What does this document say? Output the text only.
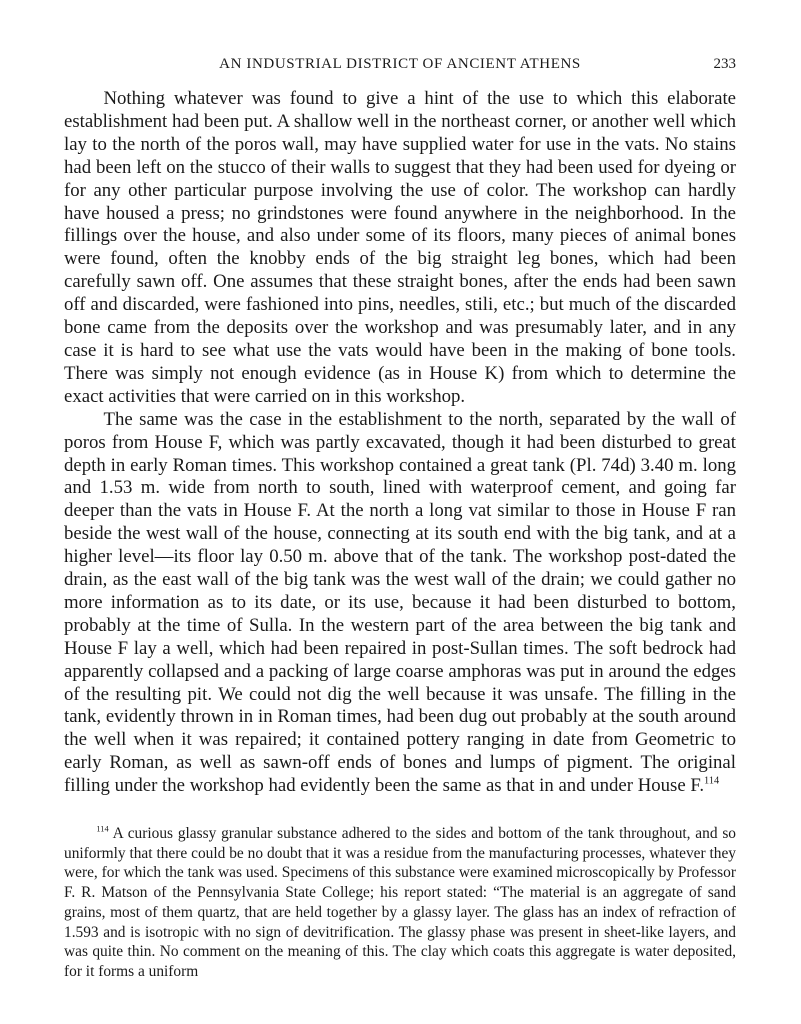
AN INDUSTRIAL DISTRICT OF ANCIENT ATHENS	233

Nothing whatever was found to give a hint of the use to which this elaborate establishment had been put. A shallow well in the northeast corner, or another well which lay to the north of the poros wall, may have supplied water for use in the vats. No stains had been left on the stucco of their walls to suggest that they had been used for dyeing or for any other particular purpose involving the use of color. The workshop can hardly have housed a press; no grindstones were found anywhere in the neighborhood. In the fillings over the house, and also under some of its floors, many pieces of animal bones were found, often the knobby ends of the big straight leg bones, which had been carefully sawn off. One assumes that these straight bones, after the ends had been sawn off and discarded, were fashioned into pins, needles, stili, etc.; but much of the discarded bone came from the deposits over the workshop and was presumably later, and in any case it is hard to see what use the vats would have been in the making of bone tools. There was simply not enough evidence (as in House K) from which to determine the exact activities that were carried on in this workshop.

The same was the case in the establishment to the north, separated by the wall of poros from House F, which was partly excavated, though it had been disturbed to great depth in early Roman times. This workshop contained a great tank (Pl. 74d) 3.40 m. long and 1.53 m. wide from north to south, lined with waterproof cement, and going far deeper than the vats in House F. At the north a long vat similar to those in House F ran beside the west wall of the house, connecting at its south end with the big tank, and at a higher level—its floor lay 0.50 m. above that of the tank. The workshop post-dated the drain, as the east wall of the big tank was the west wall of the drain; we could gather no more information as to its date, or its use, because it had been disturbed to bottom, probably at the time of Sulla. In the western part of the area between the big tank and House F lay a well, which had been repaired in post-Sullan times. The soft bedrock had apparently collapsed and a packing of large coarse amphoras was put in around the edges of the resulting pit. We could not dig the well because it was unsafe. The filling in the tank, evidently thrown in in Roman times, had been dug out probably at the south around the well when it was repaired; it contained pottery ranging in date from Geometric to early Roman, as well as sawn-off ends of bones and lumps of pigment. The original filling under the workshop had evidently been the same as that in and under House F.$^{114}$

$^{114}$ A curious glassy granular substance adhered to the sides and bottom of the tank throughout, and so uniformly that there could be no doubt that it was a residue from the manufacturing processes, whatever they were, for which the tank was used. Specimens of this substance were examined microscopically by Professor F. R. Matson of the Pennsylvania State College; his report stated: “The material is an aggregate of sand grains, most of them quartz, that are held together by a glassy layer. The glass has an index of refraction of 1.593 and is isotropic with no sign of devitrification. The glassy phase was present in sheet-like layers, and was quite thin. No comment on the meaning of this. The clay which coats this aggregate is water deposited, for it forms a uniform
